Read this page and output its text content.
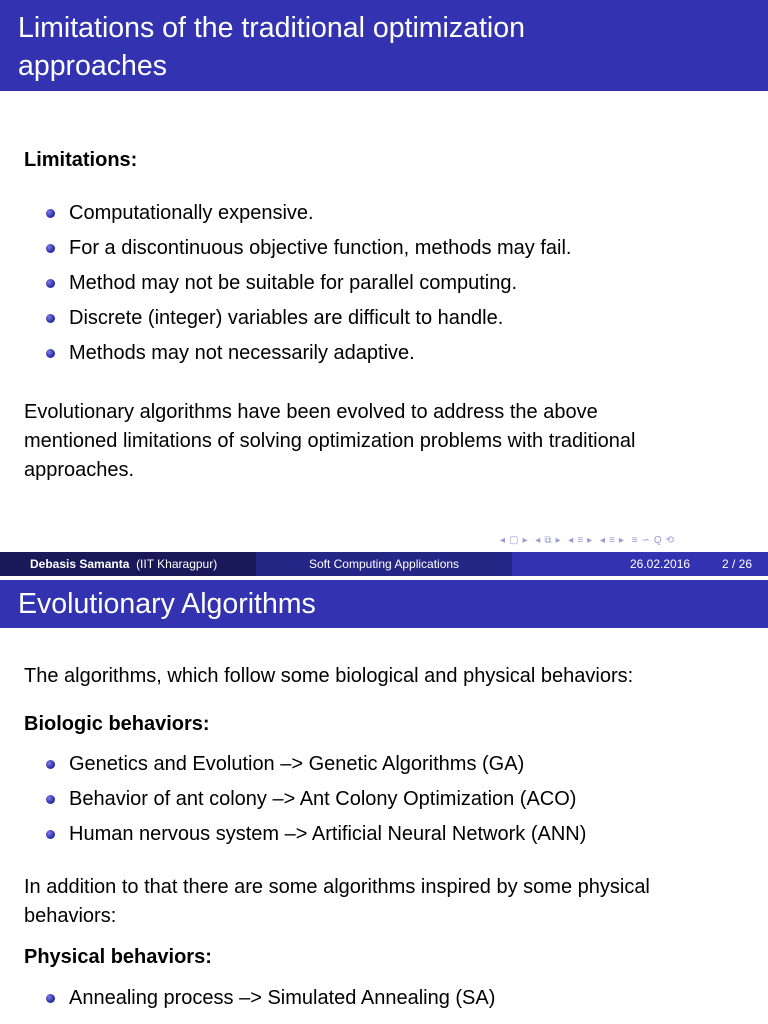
Limitations of the traditional optimization
approaches
Limitations:
Computationally expensive.
For a discontinuous objective function, methods may fail.
Method may not be suitable for parallel computing.
Discrete (integer) variables are difficult to handle.
Methods may not necessarily adaptive.
Evolutionary algorithms have been evolved to address the above
mentioned limitations of solving optimization problems with traditional
approaches.
◂ ▢ ▸ ◂ ⧉ ▸ ◂ ≡ ▸ ◂ ≡ ▸ ≡ ∽ Q ⟲
Debasis Samanta (IIT Kharagpur)	Soft Computing Applications	26.02.2016	2 / 26
Evolutionary Algorithms
The algorithms, which follow some biological and physical behaviors:
Biologic behaviors:
Genetics and Evolution –> Genetic Algorithms (GA)
Behavior of ant colony –> Ant Colony Optimization (ACO)
Human nervous system –> Artificial Neural Network (ANN)
In addition to that there are some algorithms inspired by some physical
behaviors:
Physical behaviors:
Annealing process –> Simulated Annealing (SA)
